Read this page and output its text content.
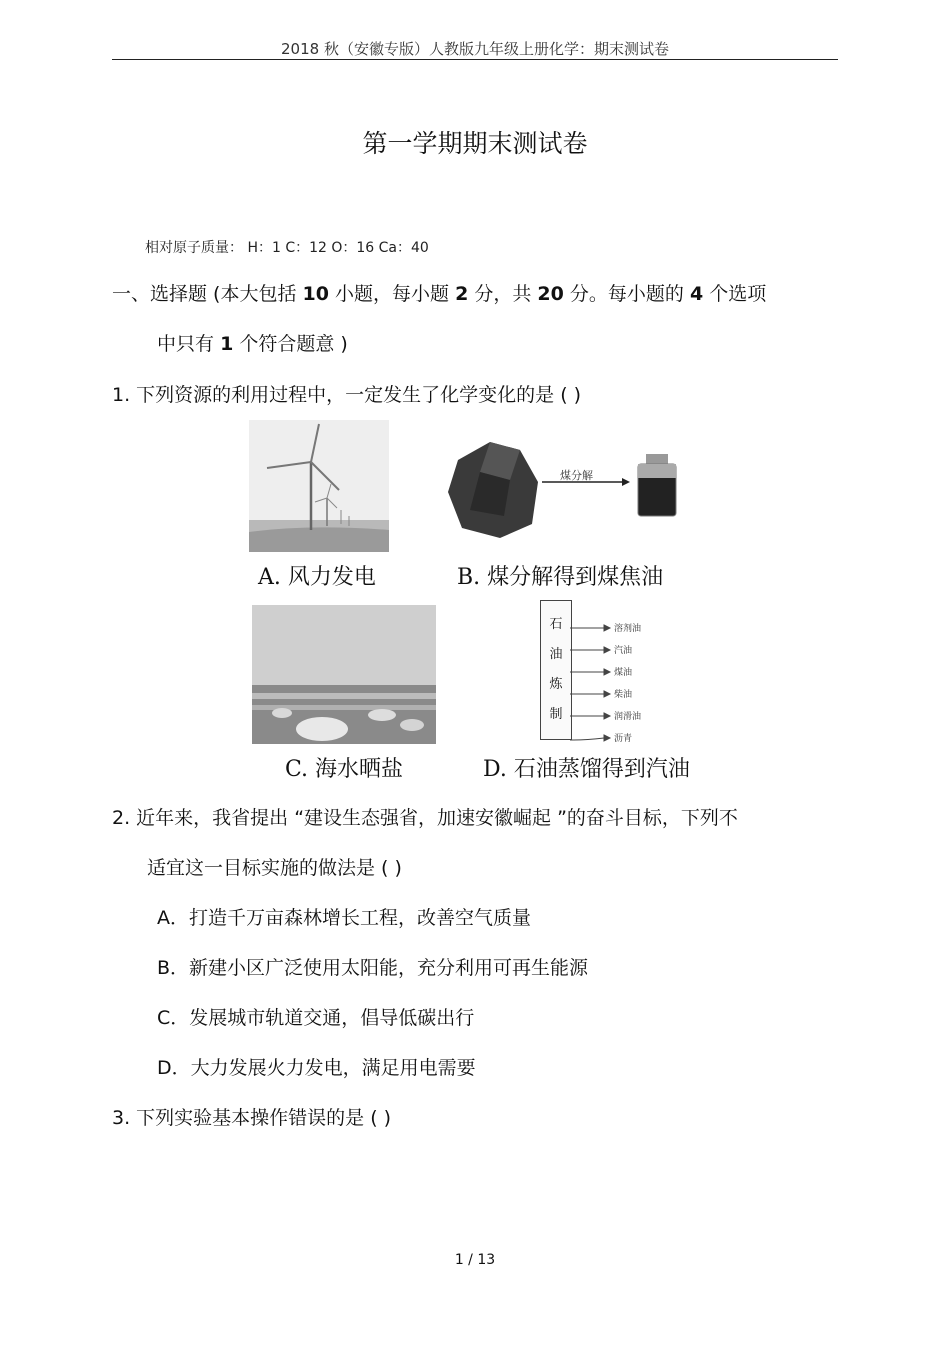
2018 秋（安徽专版）人教版九年级上册化学：期末测试卷
第一学期期末测试卷
相对原子质量： H：1 C：12 O：16 Ca：40
一、选择题 (本大包括 10 小题，每小题 2 分，共 20 分。每小题的 4 个选项
中只有 1 个符合题意 )
1. 下列资源的利用过程中，一定发生了化学变化的是 ( )
A. 风力发电
煤分解
B. 煤分解得到煤焦油
C. 海水晒盐
石
油
炼
制
溶剂油
汽油
煤油
柴油
润滑油
沥青
D. 石油蒸馏得到汽油
2. 近年来，我省提出 “建设生态强省，加速安徽崛起 ”的奋斗目标，下列不
适宜这一目标实施的做法是 ( )
A．打造千万亩森林增长工程，改善空气质量
B．新建小区广泛使用太阳能，充分利用可再生能源
C．发展城市轨道交通，倡导低碳出行
D．大力发展火力发电，满足用电需要
3. 下列实验基本操作错误的是 ( )
1 / 13
